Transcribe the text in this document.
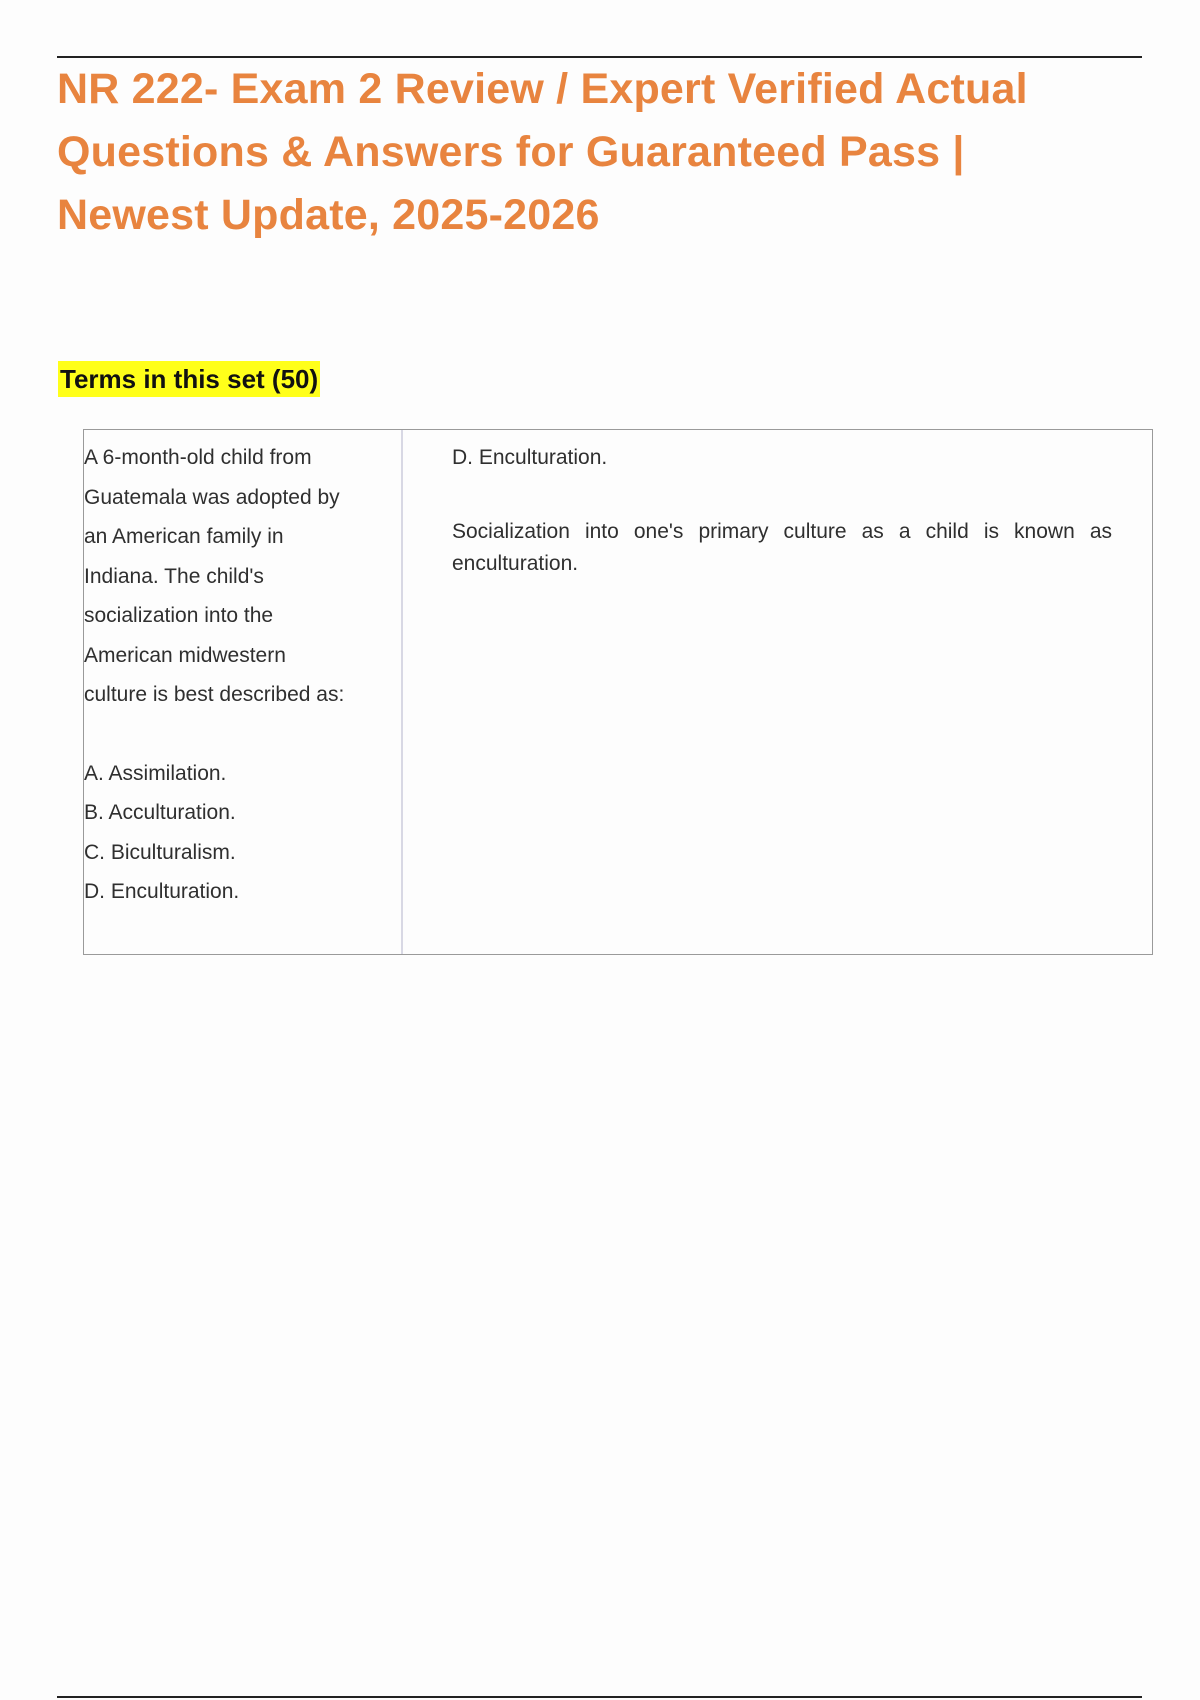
NR 222- Exam 2 Review / Expert Verified Actual
Questions & Answers for Guaranteed Pass |
Newest Update, 2025-2026
Terms in this set (50)
A 6-month-old child from
Guatemala was adopted by
an American family in
Indiana. The child's
socialization into the
American midwestern
culture is best described as:
A. Assimilation.
B. Acculturation.
C. Biculturalism.
D. Enculturation.
D. Enculturation.
Socialization into one's primary culture as a child is known as enculturation.
